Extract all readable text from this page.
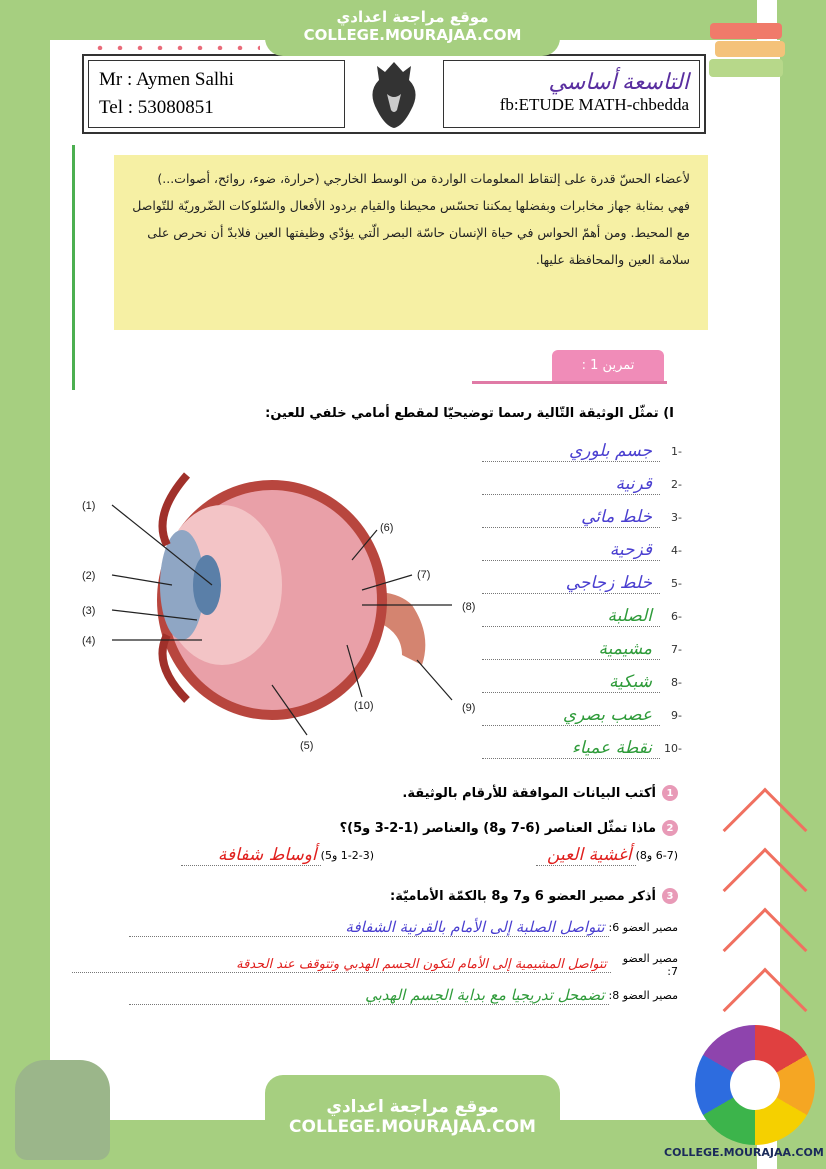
Mr : Aymen Salhi
Tel : 53080851
التاسعة أساسي
fb:ETUDE MATH-chbedda
لأعضاء الحسّ قدرة على إلتقاط المعلومات الواردة من الوسط الخارجي (حرارة، ضوء، روائح، أصوات...) فهي بمثابة جهاز مخابرات وبفضلها يمكننا تحسّس محيطنا والقيام بردود الأفعال والسّلوكات الضّروريّة للتّواصل مع المحيط. ومن أهمّ الحواس في حياة الإنسان حاسّة البصر الّتي يؤدّي وظيفتها العين فلابدّ أن نحرص على سلامة العين والمحافظة عليها.
تمرين 1 :
I) تمثّل الوثيقة التّالية رسما توضيحيّا لمقطع أمامي خلفي للعين:
(1)
(2)
(3)
(4)
(5)
(6)
(7)
(8)
(9)
(10)
-1
جسم بلوري
-2
قرنية
-3
خلط مائي
-4
قزحية
-5
خلط زجاجي
-6
الصلبة
-7
مشيمية
-8
شبكية
-9
عصب بصري
-10
نقطة عمياء
1
أكتب البيانات الموافقة للأرقام بالوثيقة.
2
ماذا تمثّل العناصر (6-7 و8) والعناصر (1-2-3 و5)؟
(6-7 و8)
أغشية العين
(1-2-3 و5)
أوساط شفافة
3
أذكر مصير العضو 6 و7 و8 بالكمّة الأماميّة:
مصير العضو 6:
تتواصل الصلبة إلى الأمام بالقرنية الشفافة
مصير العضو 7:
تتواصل المشيمية إلى الأمام لتكون الجسم الهدبي وتتوقف عند الحدقة
مصير العضو 8:
تضمحل تدريجيا مع بداية الجسم الهدبي
موقع مراجعة اعدادي
COLLEGE.MOURAJAA.COM
موقع مراجعة اعدادي
COLLEGE.MOURAJAA.COM
COLLEGE.MOURAJAA.COM
